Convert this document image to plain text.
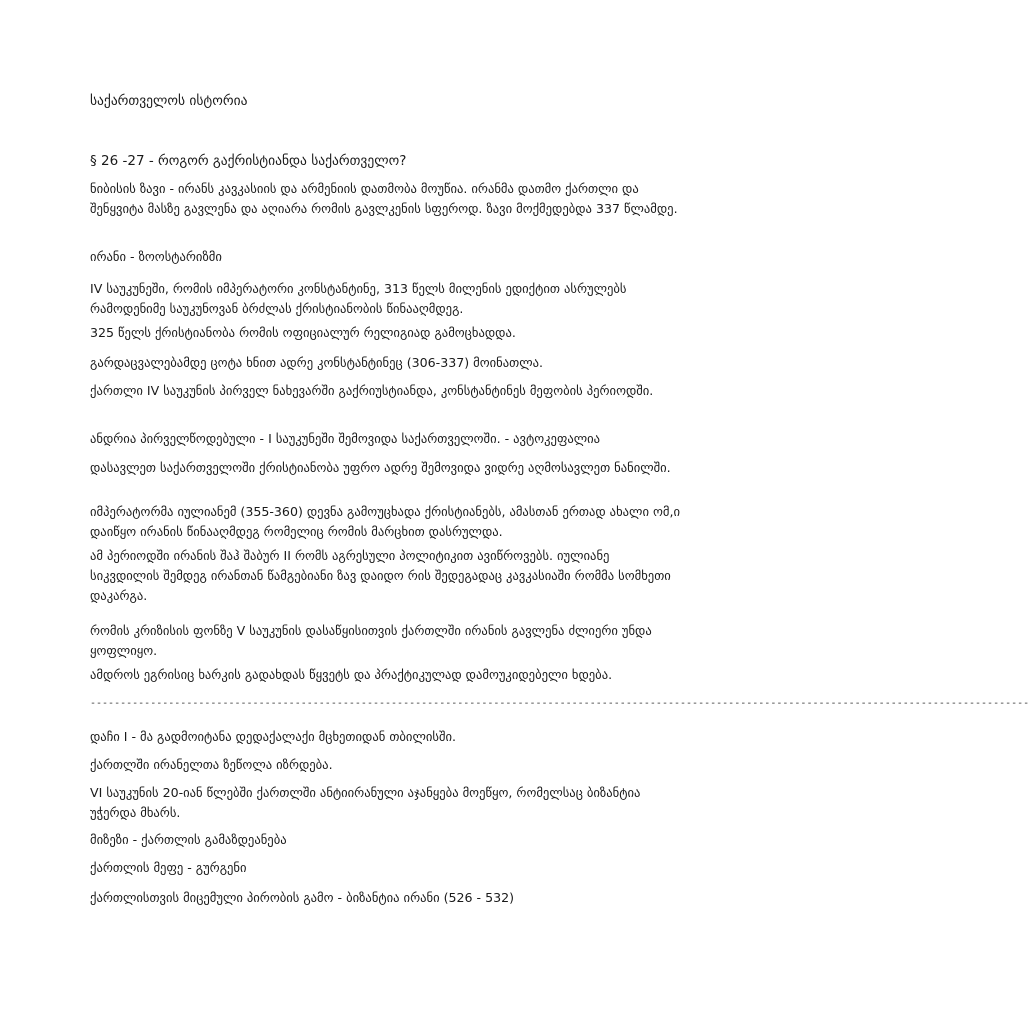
საქართველოს ისტორია
§ 26 -27 - როგორ გაქრისტიანდა საქართველო?

ნიბისის ზავი - ირანს კავკასიის და არმენიის დათმობა მოუწია. ირანმა დათმო ქართლი და შენყვიტა მასზე გავლენა და აღიარა რომის გავლკენის სფეროდ. ზავი მოქმედებდა 337 წლამდე.

ირანი - ზოოსტარიზმი

IV საუკუნეში, რომის იმპერატორი კონსტანტინე, 313 წელს მილენის ედიქტით ასრულებს რამოდენიმე საუკუნოვან ბრძლას ქრისტიანობის წინააღმდეგ.

325 წელს ქრისტიანობა რომის ოფიციალურ რელიგიად გამოცხადდა.

გარდაცვალებამდე ცოტა ხნით ადრე კონსტანტინეც (306-337) მოინათლა.

ქართლი IV საუკუნის პირველ ნახევარში გაქრიუსტიანდა, კონსტანტინეს მეფობის პერიოდში.

ანდრია პირველწოდებული - I საუკუნეში შემოვიდა საქართველოში. - ავტოკეფალია

დასავლეთ საქართველოში ქრისტიანობა უფრო ადრე შემოვიდა ვიდრე აღმოსავლეთ ნანილში.

იმპერატორმა იულიანემ (355-360) დევნა გამოუცხადა ქრისტიანებს, ამასთან ერთად ახალი ომ,ი დაიწყო ირანის წინააღმდეგ რომელიც რომის მარცხით დასრულდა.

ამ პერიოდში ირანის შაჰ შაბურ II რომს აგრესული პოლიტიკით ავიწროვებს. იულიანე სიკვდილის შემდეგ ირანთან წამგებიანი ზავ დაიდო რის შედეგადაც კავკასიაში რომმა სომხეთი დაკარგა.

რომის კრიზისის ფონზე V საუკუნის დასაწყისითვის ქართლში ირანის გავლენა ძლიერი უნდა ყოფლიყო.

ამდროს ეგრისიც ხარკის გადახდას წყვეტს და პრაქტიკულად დამოუკიდებელი ხდება.

------------------------------------------------------------------------------------------------------------------------------------------------------------

დაჩი I - მა გადმოიტანა დედაქალაქი მცხეთიდან თბილისში.

ქართლში ირანელთა ზეწოლა იზრდება.

VI საუკუნის 20-იან წლებში ქართლში ანტიირანული აჯანყება მოეწყო, რომელსაც ბიზანტია უჭერდა მხარს.

მიზეზი - ქართლის გამაზდეანება

ქართლის მეფე - გურგენი

ქართლისთვის მიცემული პირობის გამო - ბიზანტია ირანი (526 - 532)
